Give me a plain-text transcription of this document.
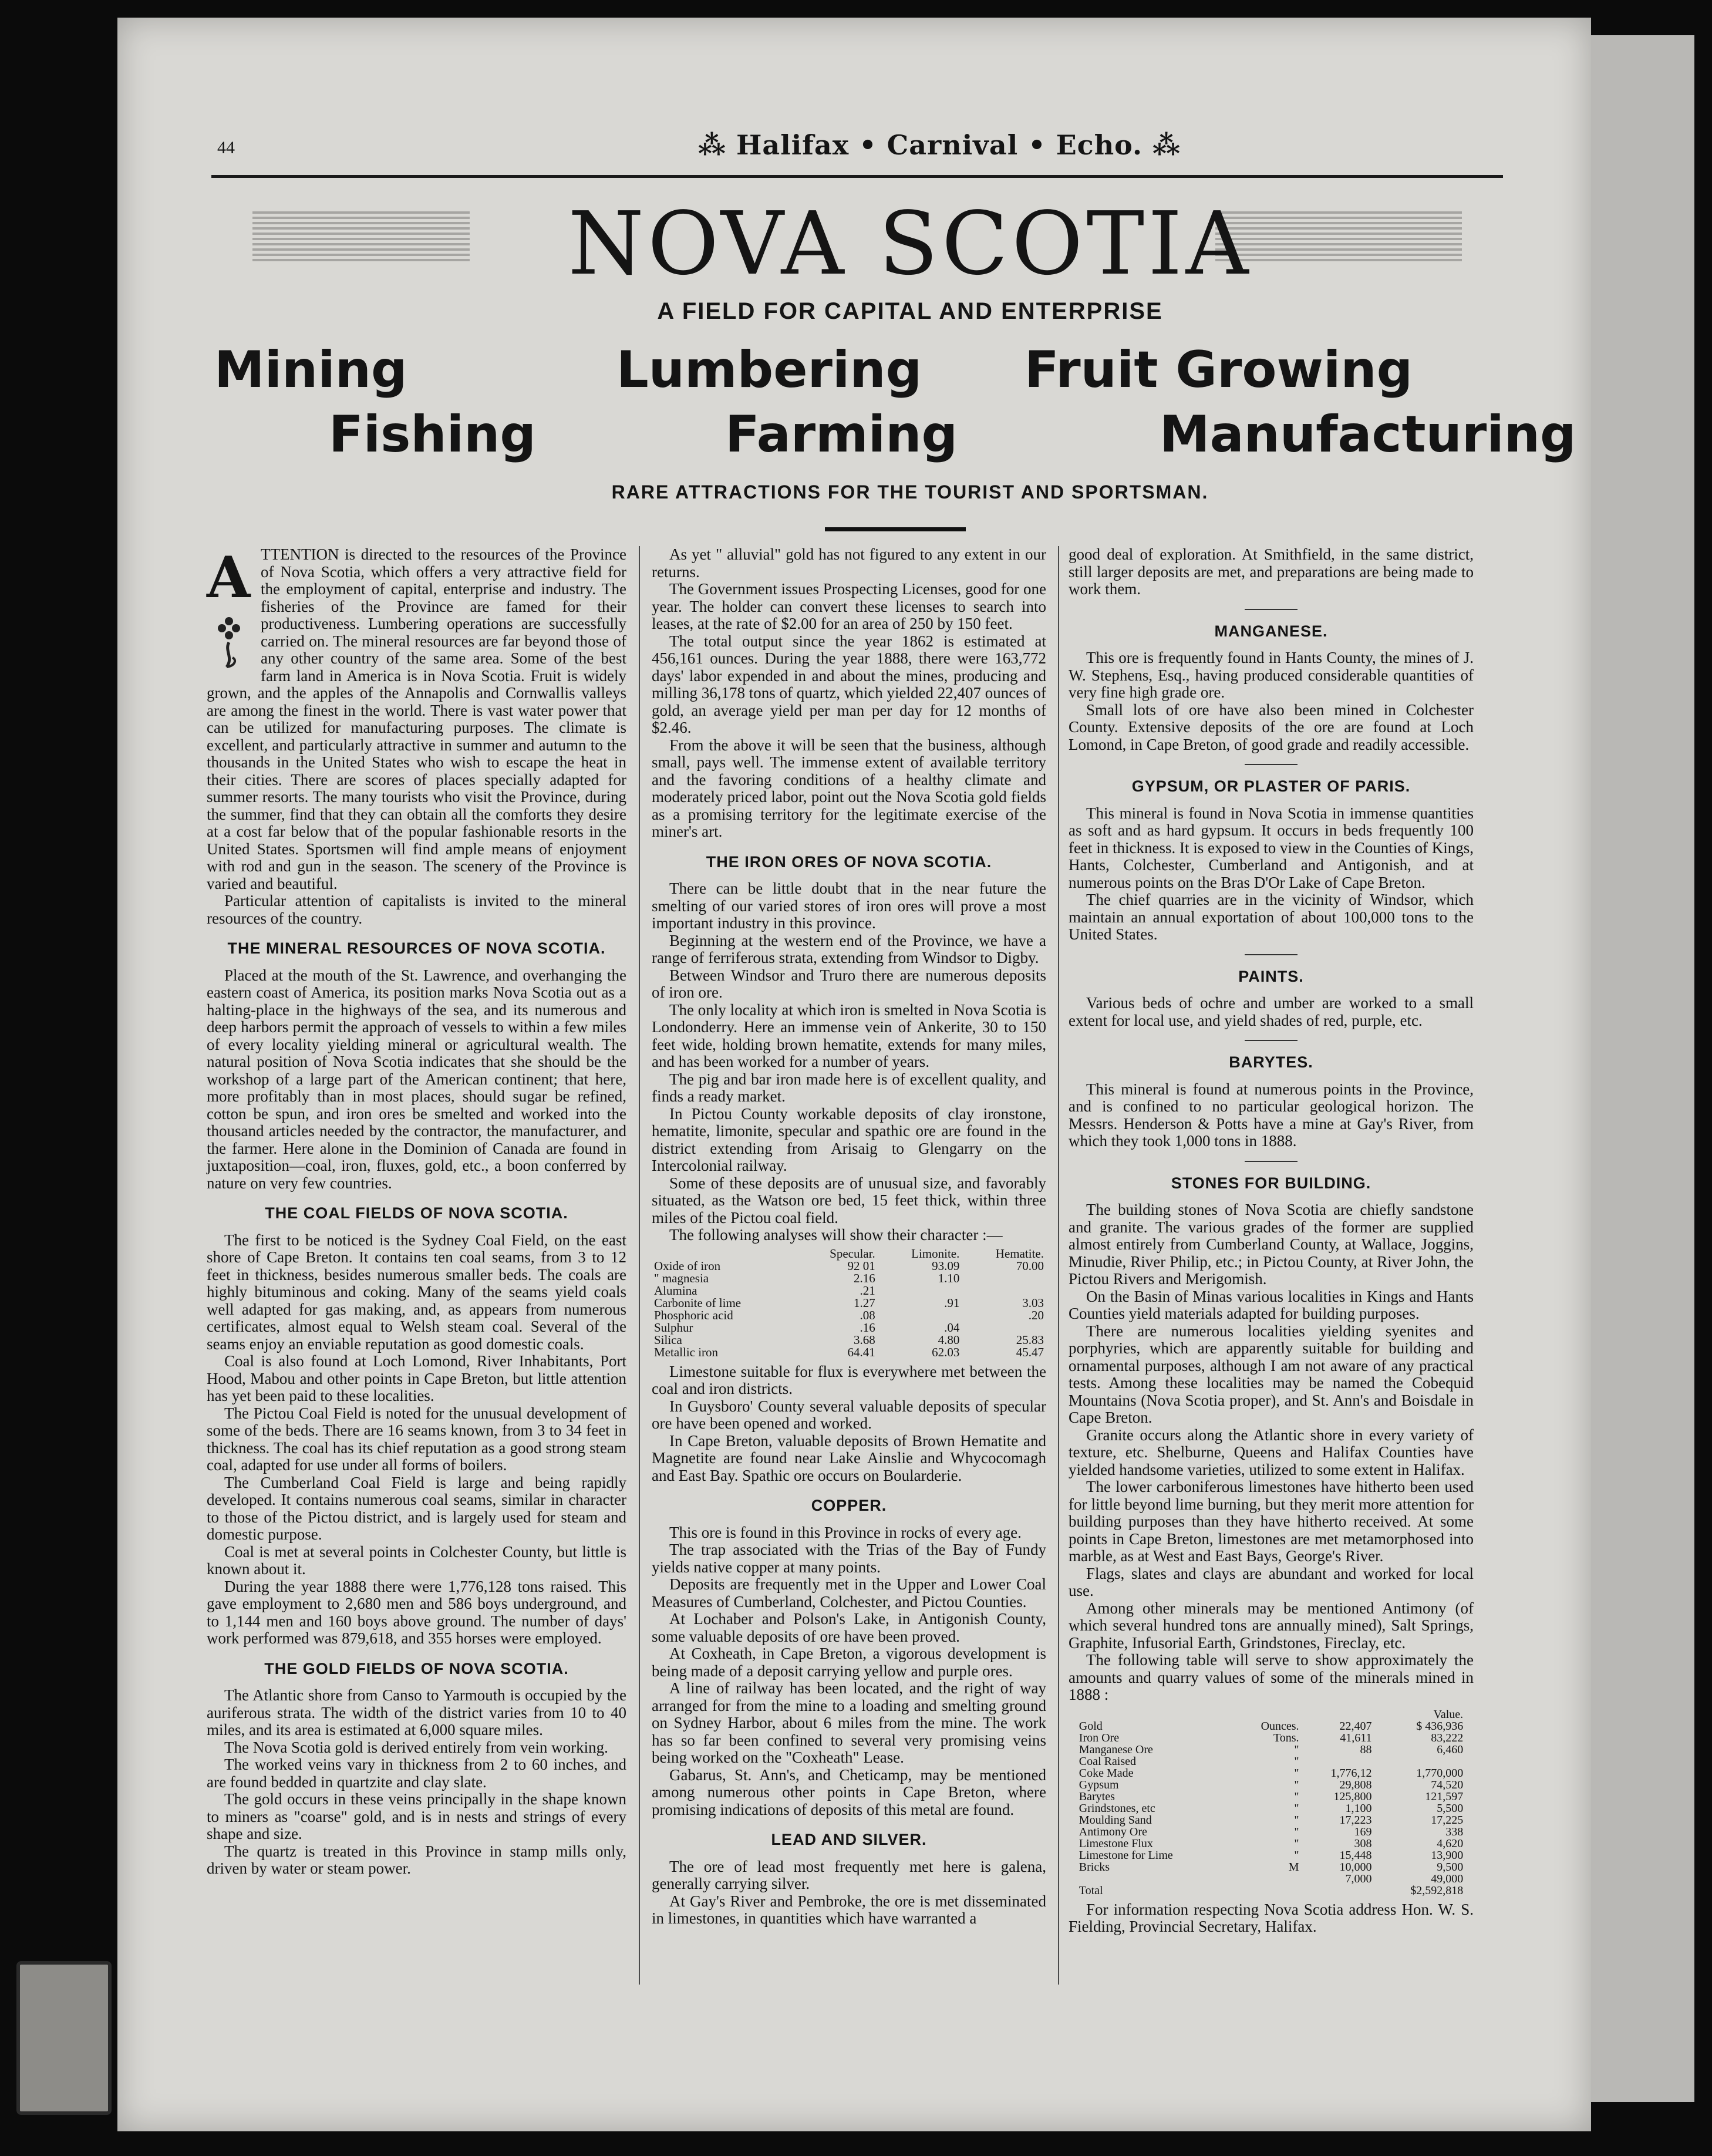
44	⁂ Halifax • Carnival • Echo. ⁂
NOVA SCOTIA
A FIELD FOR CAPITAL AND ENTERPRISE
Mining	Lumbering Fruit Growing
Fishing	Farming	Manufacturing
RARE ATTRACTIONS FOR THE TOURIST AND SPORTSMAN.
A TTENTION is directed to the resources of the Province of Nova Scotia, which offers a very attractive field for the employment of capital, enterprise and industry. The fisheries of the Province are famed for their productiveness. Lumbering operations are successfully carried on. The mineral resources are far beyond those of any other country of the same area. Some of the best farm land in America is in Nova Scotia. Fruit is widely grown, and the apples of the Annapolis and Cornwallis valleys are among the finest in the world. There is vast water power that can be utilized for manufacturing purposes. The climate is excellent, and particularly attractive in summer and autumn to the thousands in the United States who wish to escape the heat in their cities. There are scores of places specially adapted for summer resorts. The many tourists who visit the Province, during the summer, find that they can obtain all the comforts they desire at a cost far below that of the popular fashionable resorts in the United States. Sportsmen will find ample means of enjoyment with rod and gun in the season. The scenery of the Province is varied and beautiful.

Particular attention of capitalists is invited to the mineral resources of the country.

THE MINERAL RESOURCES OF NOVA SCOTIA.

Placed at the mouth of the St. Lawrence, and overhanging the eastern coast of America, its position marks Nova Scotia out as a halting-place in the highways of the sea, and its numerous and deep harbors permit the approach of vessels to within a few miles of every locality yielding mineral or agricultural wealth. The natural position of Nova Scotia indicates that she should be the workshop of a large part of the American continent; that here, more profitably than in most places, should sugar be refined, cotton be spun, and iron ores be smelted and worked into the thousand articles needed by the contractor, the manufacturer, and the farmer. Here alone in the Dominion of Canada are found in juxtaposition—coal, iron, fluxes, gold, etc., a boon conferred by nature on very few countries.

THE COAL FIELDS OF NOVA SCOTIA.

The first to be noticed is the Sydney Coal Field, on the east shore of Cape Breton. It contains ten coal seams, from 3 to 12 feet in thickness, besides numerous smaller beds. The coals are highly bituminous and coking. Many of the seams yield coals well adapted for gas making, and, as appears from numerous certificates, almost equal to Welsh steam coal. Several of the seams enjoy an enviable reputation as good domestic coals.

Coal is also found at Loch Lomond, River Inhabitants, Port Hood, Mabou and other points in Cape Breton, but little attention has yet been paid to these localities.

The Pictou Coal Field is noted for the unusual development of some of the beds. There are 16 seams known, from 3 to 34 feet in thickness. The coal has its chief reputation as a good strong steam coal, adapted for use under all forms of boilers.

The Cumberland Coal Field is large and being rapidly developed. It contains numerous coal seams, similar in character to those of the Pictou district, and is largely used for steam and domestic purpose.

Coal is met at several points in Colchester County, but little is known about it.

During the year 1888 there were 1,776,128 tons raised. This gave employment to 2,680 men and 586 boys underground, and to 1,144 men and 160 boys above ground. The number of days' work performed was 879,618, and 355 horses were employed.

THE GOLD FIELDS OF NOVA SCOTIA.

The Atlantic shore from Canso to Yarmouth is occupied by the auriferous strata. The width of the district varies from 10 to 40 miles, and its area is estimated at 6,000 square miles.

The Nova Scotia gold is derived entirely from vein working.

The worked veins vary in thickness from 2 to 60 inches, and are found bedded in quartzite and clay slate.

The gold occurs in these veins principally in the shape known to miners as "coarse" gold, and is in nests and strings of every shape and size.

The quartz is treated in this Province in stamp mills only, driven by water or steam power.

As yet " alluvial" gold has not figured to any extent in our returns.

The Government issues Prospecting Licenses, good for one year. The holder can convert these licenses to search into leases, at the rate of $2.00 for an area of 250 by 150 feet.

The total output since the year 1862 is estimated at 456,161 ounces. During the year 1888, there were 163,772 days' labor expended in and about the mines, producing and milling 36,178 tons of quartz, which yielded 22,407 ounces of gold, an average yield per man per day for 12 months of $2.46.

From the above it will be seen that the business, although small, pays well. The immense extent of available territory and the favoring conditions of a healthy climate and moderately priced labor, point out the Nova Scotia gold fields as a promising territory for the legitimate exercise of the miner's art.

THE IRON ORES OF NOVA SCOTIA.

There can be little doubt that in the near future the smelting of our varied stores of iron ores will prove a most important industry in this province.

Beginning at the western end of the Province, we have a range of ferriferous strata, extending from Windsor to Digby.

Between Windsor and Truro there are numerous deposits of iron ore.

The only locality at which iron is smelted in Nova Scotia is Londonderry. Here an immense vein of Ankerite, 30 to 150 feet wide, holding brown hematite, extends for many miles, and has been worked for a number of years.

The pig and bar iron made here is of excellent quality, and finds a ready market.

In Pictou County workable deposits of clay ironstone, hematite, limonite, specular and spathic ore are found in the district extending from Arisaig to Glengarry on the Intercolonial railway.

Some of these deposits are of unusual size, and favorably situated, as the Watson ore bed, 15 feet thick, within three miles of the Pictou coal field.

The following analyses will show their character :—

	Specular.	Limonite.	Hematite.
Oxide of iron	92 01	93.09	70.00
" magnesia	2.16	1.10	
Alumina	.21		
Carbonite of lime	1.27	.91	3.03
Phosphoric acid	.08		.20
Sulphur	.16	.04	
Silica	3.68	4.80	25.83
Metallic iron	64.41	62.03	45.47

Limestone suitable for flux is everywhere met between the coal and iron districts.

In Guysboro' County several valuable deposits of specular ore have been opened and worked.

In Cape Breton, valuable deposits of Brown Hematite and Magnetite are found near Lake Ainslie and Whycocomagh and East Bay. Spathic ore occurs on Boularderie.

COPPER.

This ore is found in this Province in rocks of every age.

The trap associated with the Trias of the Bay of Fundy yields native copper at many points.

Deposits are frequently met in the Upper and Lower Coal Measures of Cumberland, Colchester, and Pictou Counties.

At Lochaber and Polson's Lake, in Antigonish County, some valuable deposits of ore have been proved.

At Coxheath, in Cape Breton, a vigorous development is being made of a deposit carrying yellow and purple ores.

A line of railway has been located, and the right of way arranged for from the mine to a loading and smelting ground on Sydney Harbor, about 6 miles from the mine. The work has so far been confined to several very promising veins being worked on the "Coxheath" Lease.

Gabarus, St. Ann's, and Cheticamp, may be mentioned among numerous other points in Cape Breton, where promising indications of deposits of this metal are found.

LEAD AND SILVER.

The ore of lead most frequently met here is galena, generally carrying silver.

At Gay's River and Pembroke, the ore is met disseminated in limestones, in quantities which have warranted a

good deal of exploration. At Smithfield, in the same district, still larger deposits are met, and preparations are being made to work them.

MANGANESE.

This ore is frequently found in Hants County, the mines of J. W. Stephens, Esq., having produced considerable quantities of very fine high grade ore.

Small lots of ore have also been mined in Colchester County. Extensive deposits of the ore are found at Loch Lomond, in Cape Breton, of good grade and readily accessible.

GYPSUM, OR PLASTER OF PARIS.

This mineral is found in Nova Scotia in immense quantities as soft and as hard gypsum. It occurs in beds frequently 100 feet in thickness. It is exposed to view in the Counties of Kings, Hants, Colchester, Cumberland and Antigonish, and at numerous points on the Bras D'Or Lake of Cape Breton.

The chief quarries are in the vicinity of Windsor, which maintain an annual exportation of about 100,000 tons to the United States.

PAINTS.

Various beds of ochre and umber are worked to a small extent for local use, and yield shades of red, purple, etc.

BARYTES.

This mineral is found at numerous points in the Province, and is confined to no particular geological horizon. The Messrs. Henderson & Potts have a mine at Gay's River, from which they took 1,000 tons in 1888.

STONES FOR BUILDING.

The building stones of Nova Scotia are chiefly sandstone and granite. The various grades of the former are supplied almost entirely from Cumberland County, at Wallace, Joggins, Minudie, River Philip, etc.; in Pictou County, at River John, the Pictou Rivers and Merigomish.

On the Basin of Minas various localities in Kings and Hants Counties yield materials adapted for building purposes.

There are numerous localities yielding syenites and porphyries, which are apparently suitable for building and ornamental purposes, although I am not aware of any practical tests. Among these localities may be named the Cobequid Mountains (Nova Scotia proper), and St. Ann's and Boisdale in Cape Breton.

Granite occurs along the Atlantic shore in every variety of texture, etc. Shelburne, Queens and Halifax Counties have yielded handsome varieties, utilized to some extent in Halifax.

The lower carboniferous limestones have hitherto been used for little beyond lime burning, but they merit more attention for building purposes than they have hitherto received. At some points in Cape Breton, limestones are met metamorphosed into marble, as at West and East Bays, George's River.

Flags, slates and clays are abundant and worked for local use.

Among other minerals may be mentioned Antimony (of which several hundred tons are annually mined), Salt Springs, Graphite, Infusorial Earth, Grindstones, Fireclay, etc.

The following table will serve to show approximately the amounts and quarry values of some of the minerals mined in 1888 :

			Value.
Gold	Ounces.	22,407	$ 436,936
Iron Ore	Tons.	41,611	83,222
Manganese Ore	"	88	6,460
Coal Raised	"		
Coke Made	"	1,776,12	1,770,000
Gypsum	"	29,808	74,520
Barytes	"	125,800	121,597
Grindstones, etc	"	1,100	5,500
Moulding Sand	"	17,223	17,225
Antimony Ore	"	169	338
Limestone Flux	"	308	4,620
Limestone for Lime	"	15,448	13,900
Bricks	M	10,000	9,500
		7,000	49,000
Total			$2,592,818

For information respecting Nova Scotia address Hon. W. S. Fielding, Provincial Secretary, Halifax.
